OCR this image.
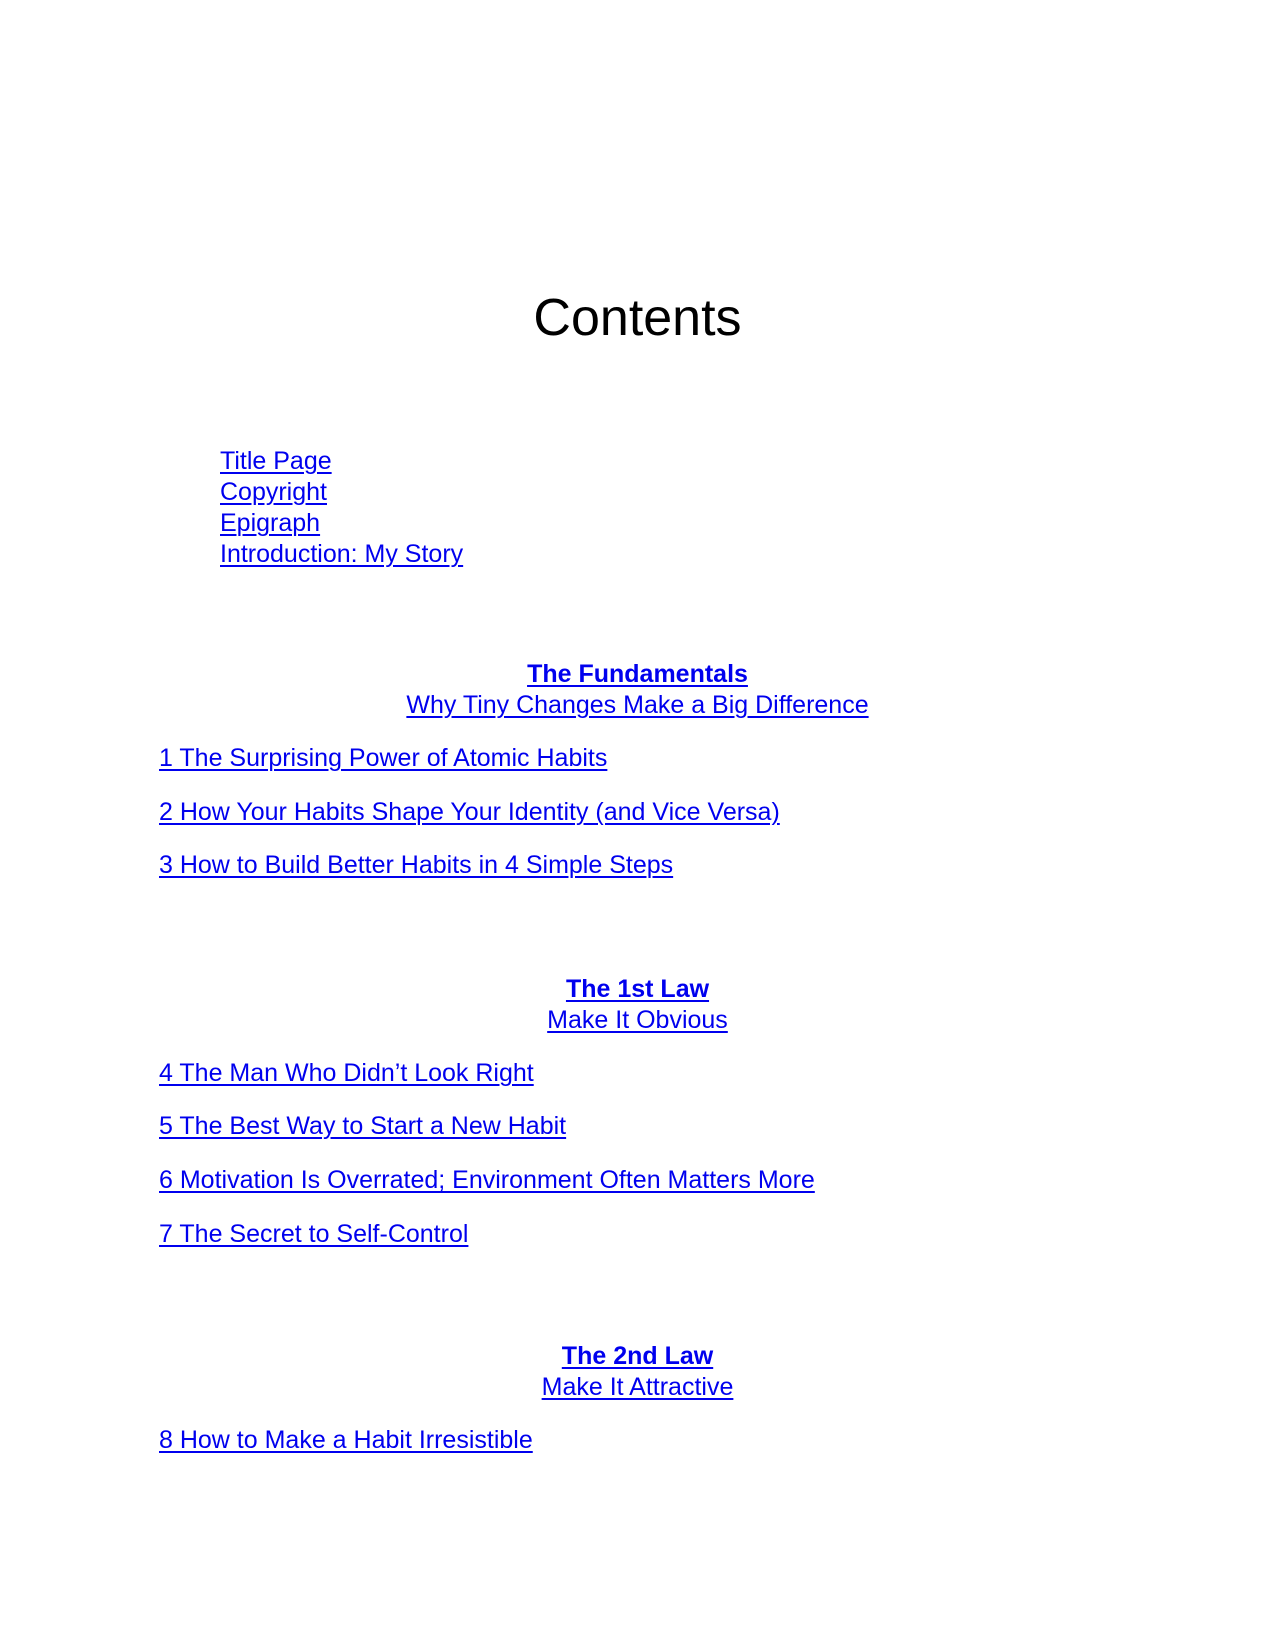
Contents
Title Page
Copyright
Epigraph
Introduction: My Story
The Fundamentals
Why Tiny Changes Make a Big Difference
1 The Surprising Power of Atomic Habits
2 How Your Habits Shape Your Identity (and Vice Versa)
3 How to Build Better Habits in 4 Simple Steps
The 1st Law
Make It Obvious
4 The Man Who Didn’t Look Right
5 The Best Way to Start a New Habit
6 Motivation Is Overrated; Environment Often Matters More
7 The Secret to Self-Control
The 2nd Law
Make It Attractive
8 How to Make a Habit Irresistible
